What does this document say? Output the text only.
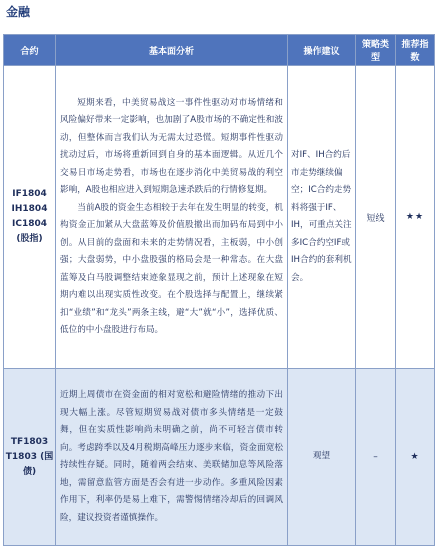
金融
合约	基本面分析	操作建议	策略类型	推荐指数
IF1804 IH1804 IC1804 (股指)	短期来看，中美贸易战这一事件性驱动对市场情绪和风险偏好带来一定影响，也加剧了A股市场的不确定性和波动，但整体而言我们认为无需太过恐慌。短期事件性驱动扰动过后，市场将重新回到自身的基本面逻辑。从近几个交易日市场走势看，市场也在逐步消化中美贸易战的利空影响，A股也相应进入到短期急速杀跌后的行情修复期。

当前A股的资金生态相较于去年在发生明显的转变，机构资金正加紧从大盘蓝筹及价值股撤出而加码布局到中小创。从目前的盘面和未来的走势情况看，主板弱，中小创强；大盘弱势，中小盘股强的格局会是一种常态。在大盘蓝筹及白马股调整结束迹象显现之前，预计上述现象在短期内难以出现实质性改变。在个股选择与配置上，继续紧扣“业绩”和“龙头”两条主线，避“大”就“小”，选择优质、低位的中小盘股进行布局。	对IF、IH合约后市走势继续偏空；IC合约走势料将强于IF、IH，可重点关注多IC合约空IF或IH合约的套利机会。	短线	★★
TF1803 T1803 (国债)	近期上周债市在资金面的相对宽松和避险情绪的推动下出现大幅上涨。尽管短期贸易战对债市多头情绪是一定鼓舞，但在实质性影响尚未明确之前，尚不可轻言债市转向。考虑跨季以及4月税期高峰压力逐步来临，资金面宽松持续性存疑。同时，随着两会结束、美联储加息等风险落地，需留意监管方面是否会有进一步动作。多重风险因素作用下，利率仍是易上难下，需警惕情绪冷却后的回调风险，建议投资者谨慎操作。	观望	–	★
